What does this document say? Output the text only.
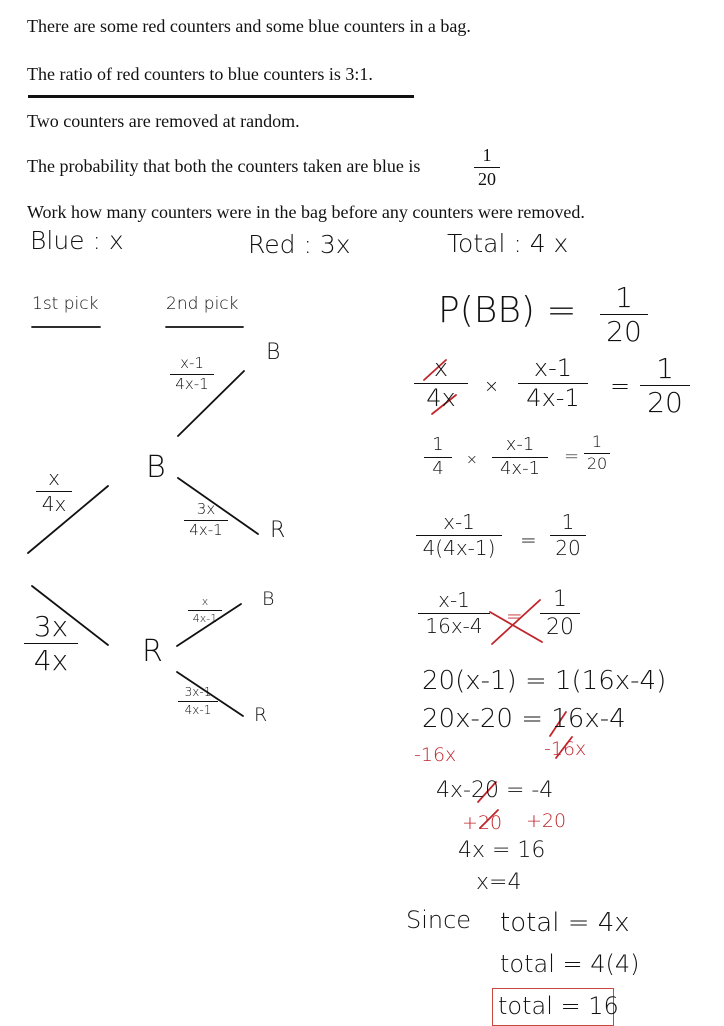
There are some red counters and some blue counters in a bag.
The ratio of red counters to blue counters is 3:1.
Two counters are removed at random.
The probability that both the counters taken are blue is
1
20
Work how many counters were in the bag before any counters were removed.
Blue : x	Red : 3x	Total : 4 x
1st pick	2nd pick
x
4x
3x
4x
B
R
x-1
4x-1
3x
4x-1
x
4x-1
3x-1
4x-1
B
R
B
R
P(BB) =	1
20
x
4x	×
x-1
4x-1	=
1
20
1
4	×
x-1
4x-1
=
1
20
x-1
4(4x-1)	=
1
20
x-1
16x-4	=
1
20
20(x-1) = 1(16x-4)
20x-20 = 16x-4
-16x	-16x
4x-20 = -4
+20 +20
4x = 16
x=4
Since total = 4x
total = 4(4)
total = 16
